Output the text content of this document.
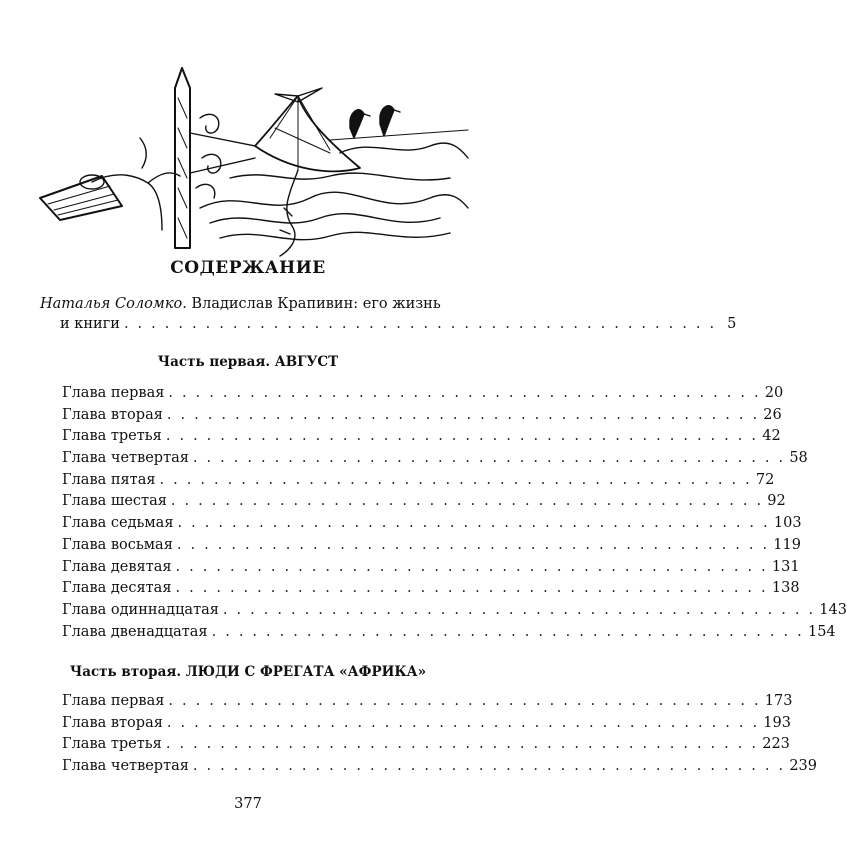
СОДЕРЖАНИЕ
Наталья Соломко. Владислав Крапивин: его жизнь
и книги . . . . . . . . . . . . . . . . . . . . . . . . . . . . . . . . . . . . . . . . . . . . 5
Часть первая. АВГУСТ
Глава первая . . . . . . . . . . . . . . . . . . . . . . . . . . . . . . . . . . . . . . . . . . . . 20
Глава вторая . . . . . . . . . . . . . . . . . . . . . . . . . . . . . . . . . . . . . . . . . . . . 26
Глава третья . . . . . . . . . . . . . . . . . . . . . . . . . . . . . . . . . . . . . . . . . . . . 42
Глава четвертая . . . . . . . . . . . . . . . . . . . . . . . . . . . . . . . . . . . . . . . . . . . . 58
Глава пятая . . . . . . . . . . . . . . . . . . . . . . . . . . . . . . . . . . . . . . . . . . . . 72
Глава шестая . . . . . . . . . . . . . . . . . . . . . . . . . . . . . . . . . . . . . . . . . . . . 92
Глава седьмая . . . . . . . . . . . . . . . . . . . . . . . . . . . . . . . . . . . . . . . . . . . . 103
Глава восьмая . . . . . . . . . . . . . . . . . . . . . . . . . . . . . . . . . . . . . . . . . . . . 119
Глава девятая . . . . . . . . . . . . . . . . . . . . . . . . . . . . . . . . . . . . . . . . . . . . 131
Глава десятая . . . . . . . . . . . . . . . . . . . . . . . . . . . . . . . . . . . . . . . . . . . . 138
Глава одиннадцатая . . . . . . . . . . . . . . . . . . . . . . . . . . . . . . . . . . . . . . . . . . . . 143
Глава двенадцатая . . . . . . . . . . . . . . . . . . . . . . . . . . . . . . . . . . . . . . . . . . . . 154
Часть вторая. ЛЮДИ С ФРЕГАТА «АФРИКА»
Глава первая . . . . . . . . . . . . . . . . . . . . . . . . . . . . . . . . . . . . . . . . . . . . 173
Глава вторая . . . . . . . . . . . . . . . . . . . . . . . . . . . . . . . . . . . . . . . . . . . . 193
Глава третья . . . . . . . . . . . . . . . . . . . . . . . . . . . . . . . . . . . . . . . . . . . . 223
Глава четвертая . . . . . . . . . . . . . . . . . . . . . . . . . . . . . . . . . . . . . . . . . . . . 239
377
